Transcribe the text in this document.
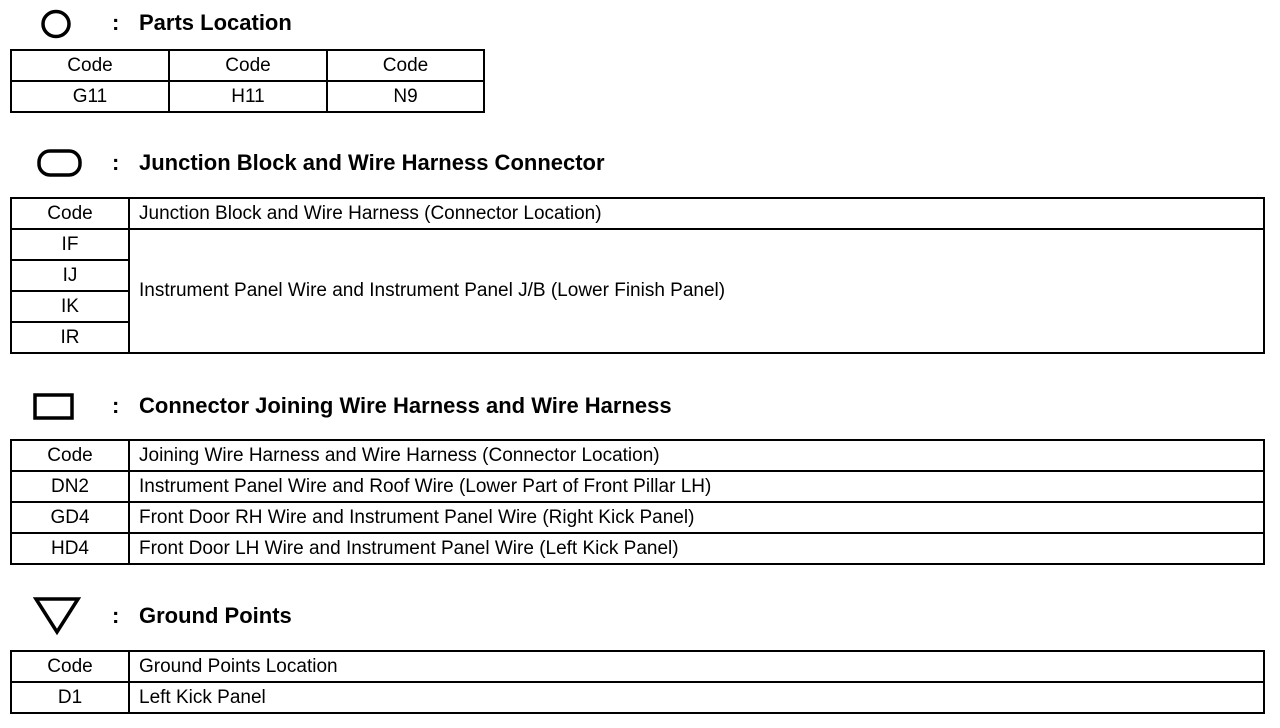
: Parts Location
Code	Code	Code
G11	H11	N9
: Junction Block and Wire Harness Connector
Code	Junction Block and Wire Harness (Connector Location)
IF	Instrument Panel Wire and Instrument Panel J/B (Lower Finish Panel)
IJ	
IK	
IR	
: Connector Joining Wire Harness and Wire Harness
Code	Joining Wire Harness and Wire Harness (Connector Location)
DN2	Instrument Panel Wire and Roof Wire (Lower Part of Front Pillar LH)
GD4	Front Door RH Wire and Instrument Panel Wire (Right Kick Panel)
HD4	Front Door LH Wire and Instrument Panel Wire (Left Kick Panel)
: Ground Points
Code	Ground Points Location
D1	Left Kick Panel
